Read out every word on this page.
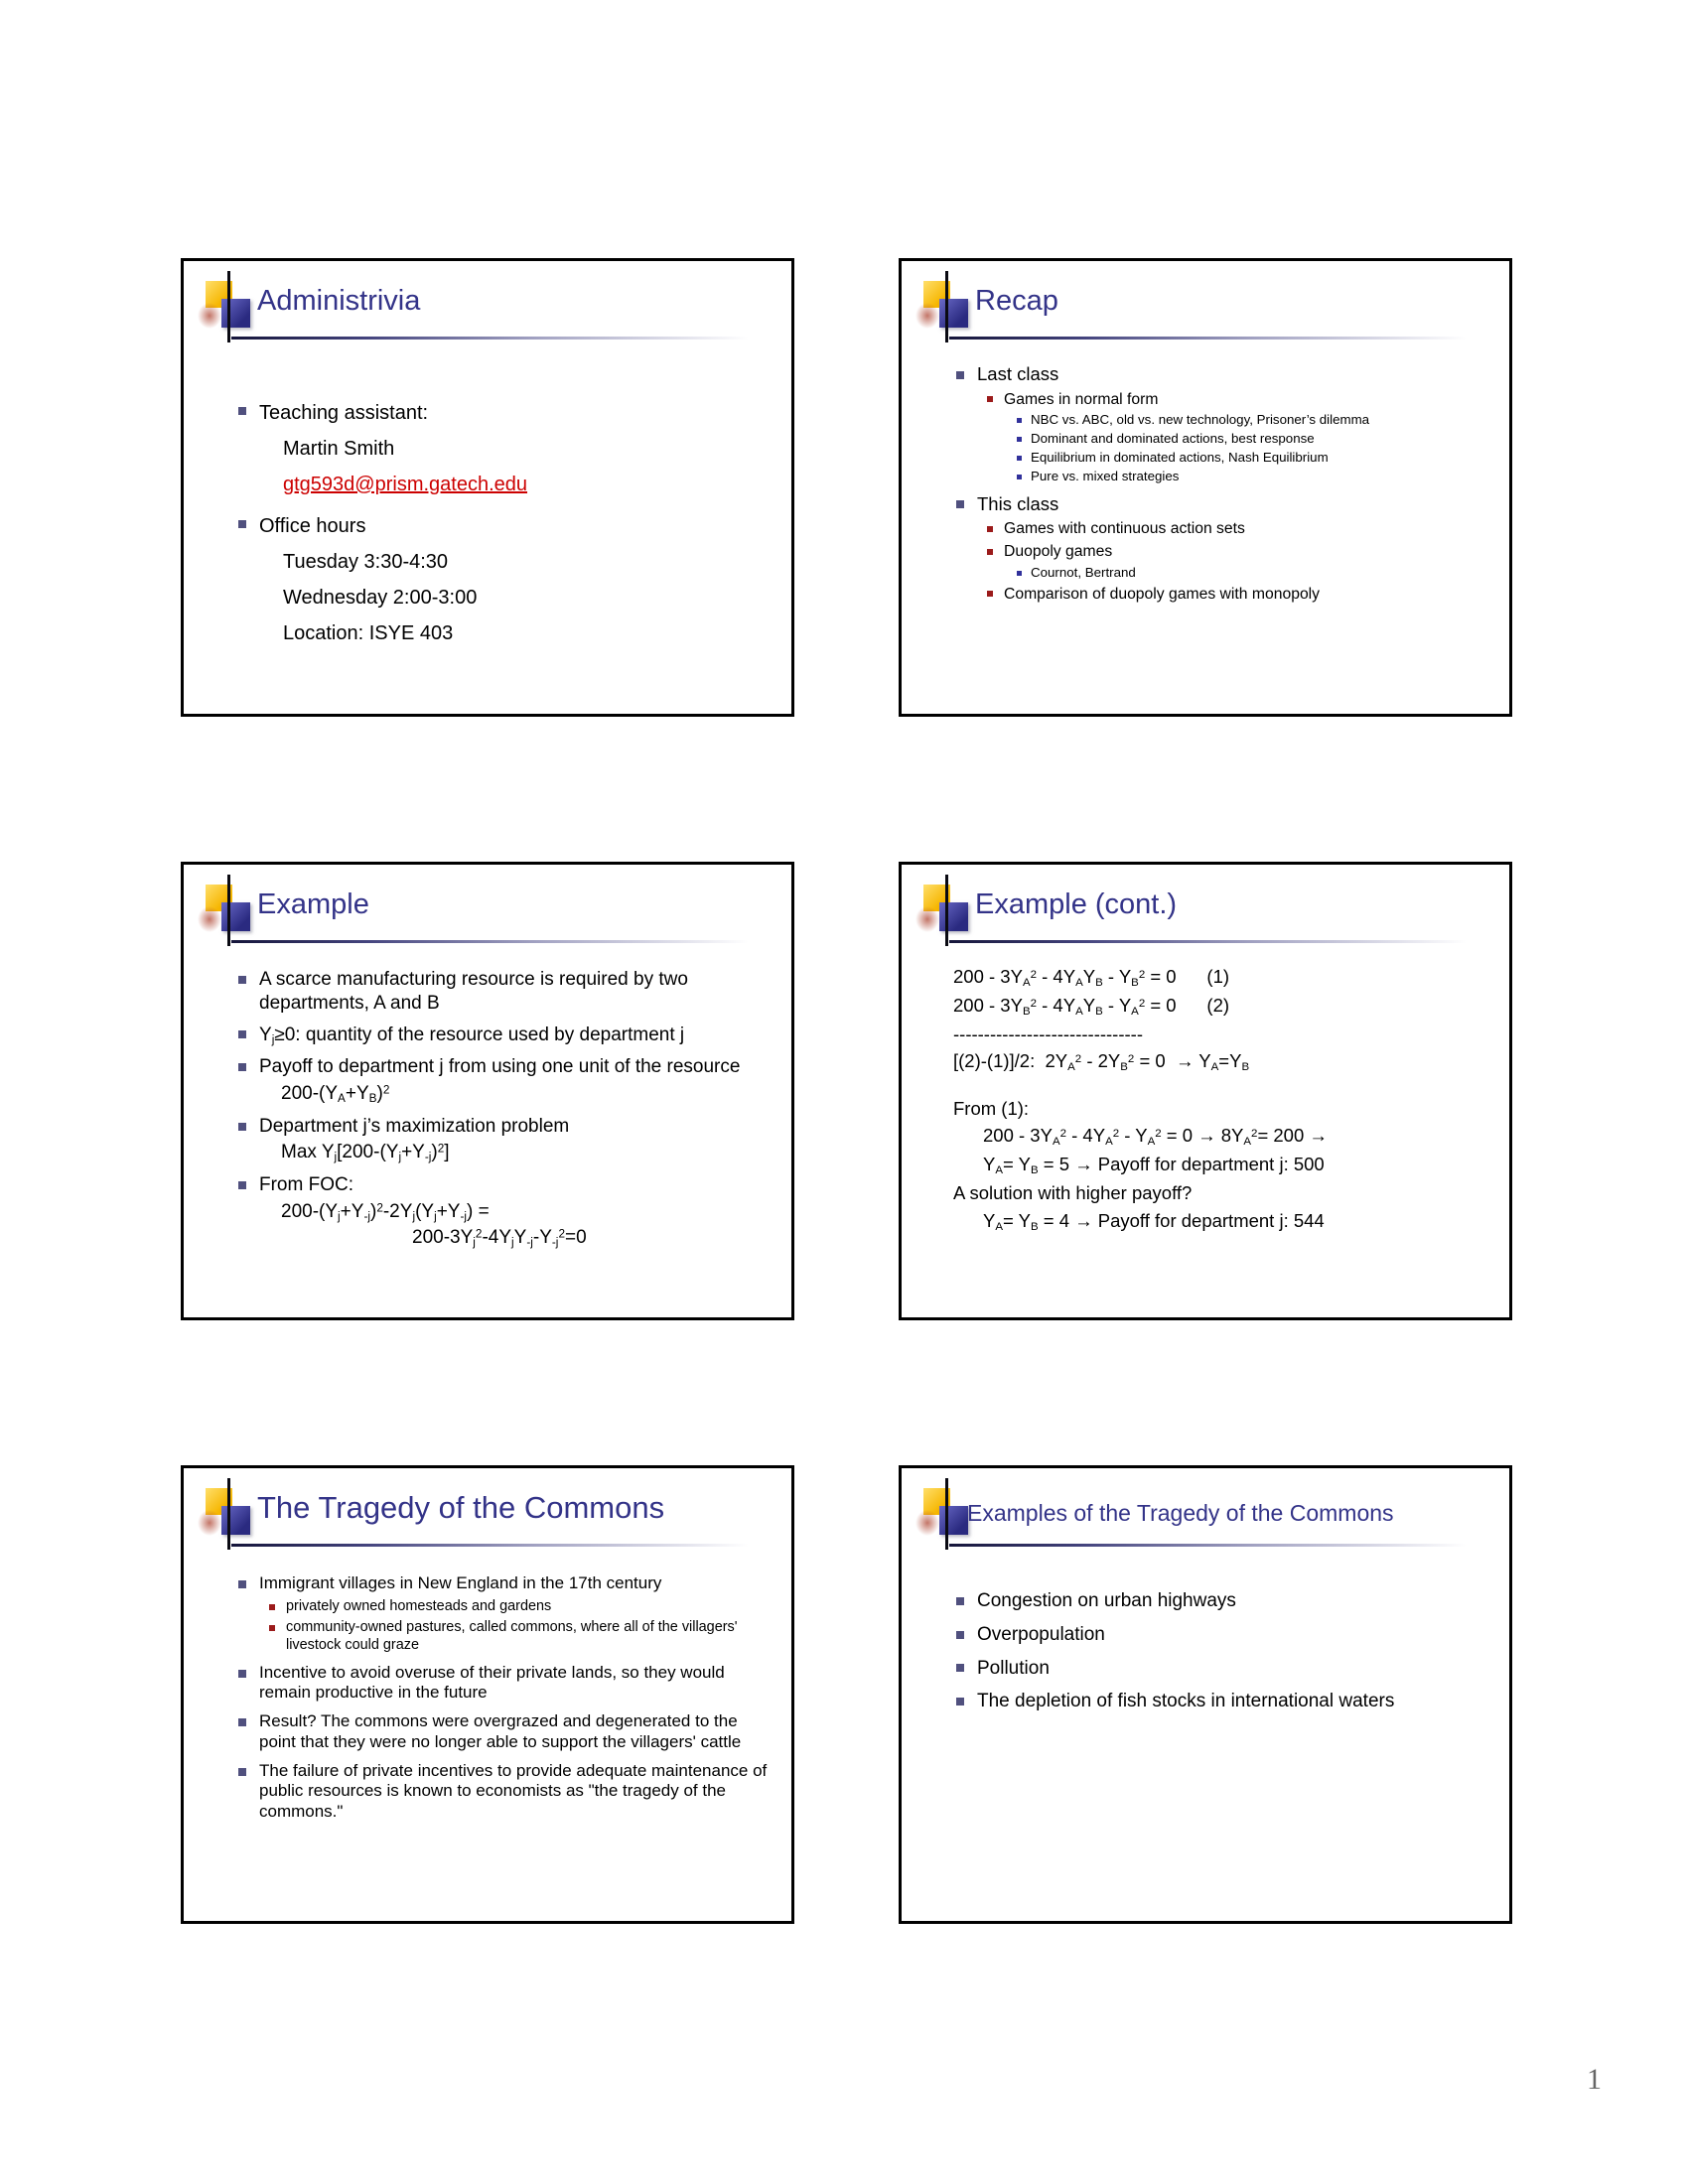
Administrivia
Teaching assistant:
Martin Smith
gtg593d@prism.gatech.edu
Office hours
Tuesday 3:30-4:30
Wednesday 2:00-3:00
Location: ISYE 403
Recap
Last class
Games in normal form
NBC vs. ABC, old vs. new technology, Prisoner’s dilemma
Dominant and dominated actions, best response
Equilibrium in dominated actions, Nash Equilibrium
Pure vs. mixed strategies
This class
Games with continuous action sets
Duopoly games
Cournot, Bertrand
Comparison of duopoly games with monopoly
Example
A scarce manufacturing resource is required by two departments, A and B
$Y_j\ge 0$: quantity of the resource used by department j
Payoff to department j from using one unit of the resource
$200-(Y_A+Y_B)^2$
Department j’s maximization problem
Max $Y_j[200-(Y_j+Y_{-j})^2]$
From FOC:
$200-(Y_j+Y_{-j})^2-2Y_j(Y_j+Y_{-j})$ =
$200-3Y_j^2-4Y_jY_{-j}-Y_{-j}^2=0$
Example (cont.)
$200 - 3Y_A^2 - 4Y_AY_B - Y_B^2 = 0$      (1)
$200 - 3Y_B^2 - 4Y_AY_B - Y_A^2 = 0$      (2)
-------------------------------
[(2)-(1)]/2:  $2Y_A^2 - 2Y_B^2 = 0 \to Y_A=Y_B$
From (1):
$200 - 3Y_A^2 - 4Y_A^2 - Y_A^2 = 0 \to 8Y_A^2= 200$ →
$Y_A= Y_B = 5$ → Payoff for department j: 500
A solution with higher payoff?
$Y_A= Y_B = 4$ → Payoff for department j: 544
The Tragedy of the Commons
Immigrant villages in New England in the 17th century
privately owned homesteads and gardens
community-owned pastures, called commons, where all of the villagers' livestock could graze
Incentive to avoid overuse of their private lands, so they would remain productive in the future
Result? The commons were overgrazed and degenerated to the point that they were no longer able to support the villagers' cattle
The failure of private incentives to provide adequate maintenance of public resources is known to economists as "the tragedy of the commons."
Examples of the Tragedy of the Commons
Congestion on urban highways
Overpopulation
Pollution
The depletion of fish stocks in international waters
1
